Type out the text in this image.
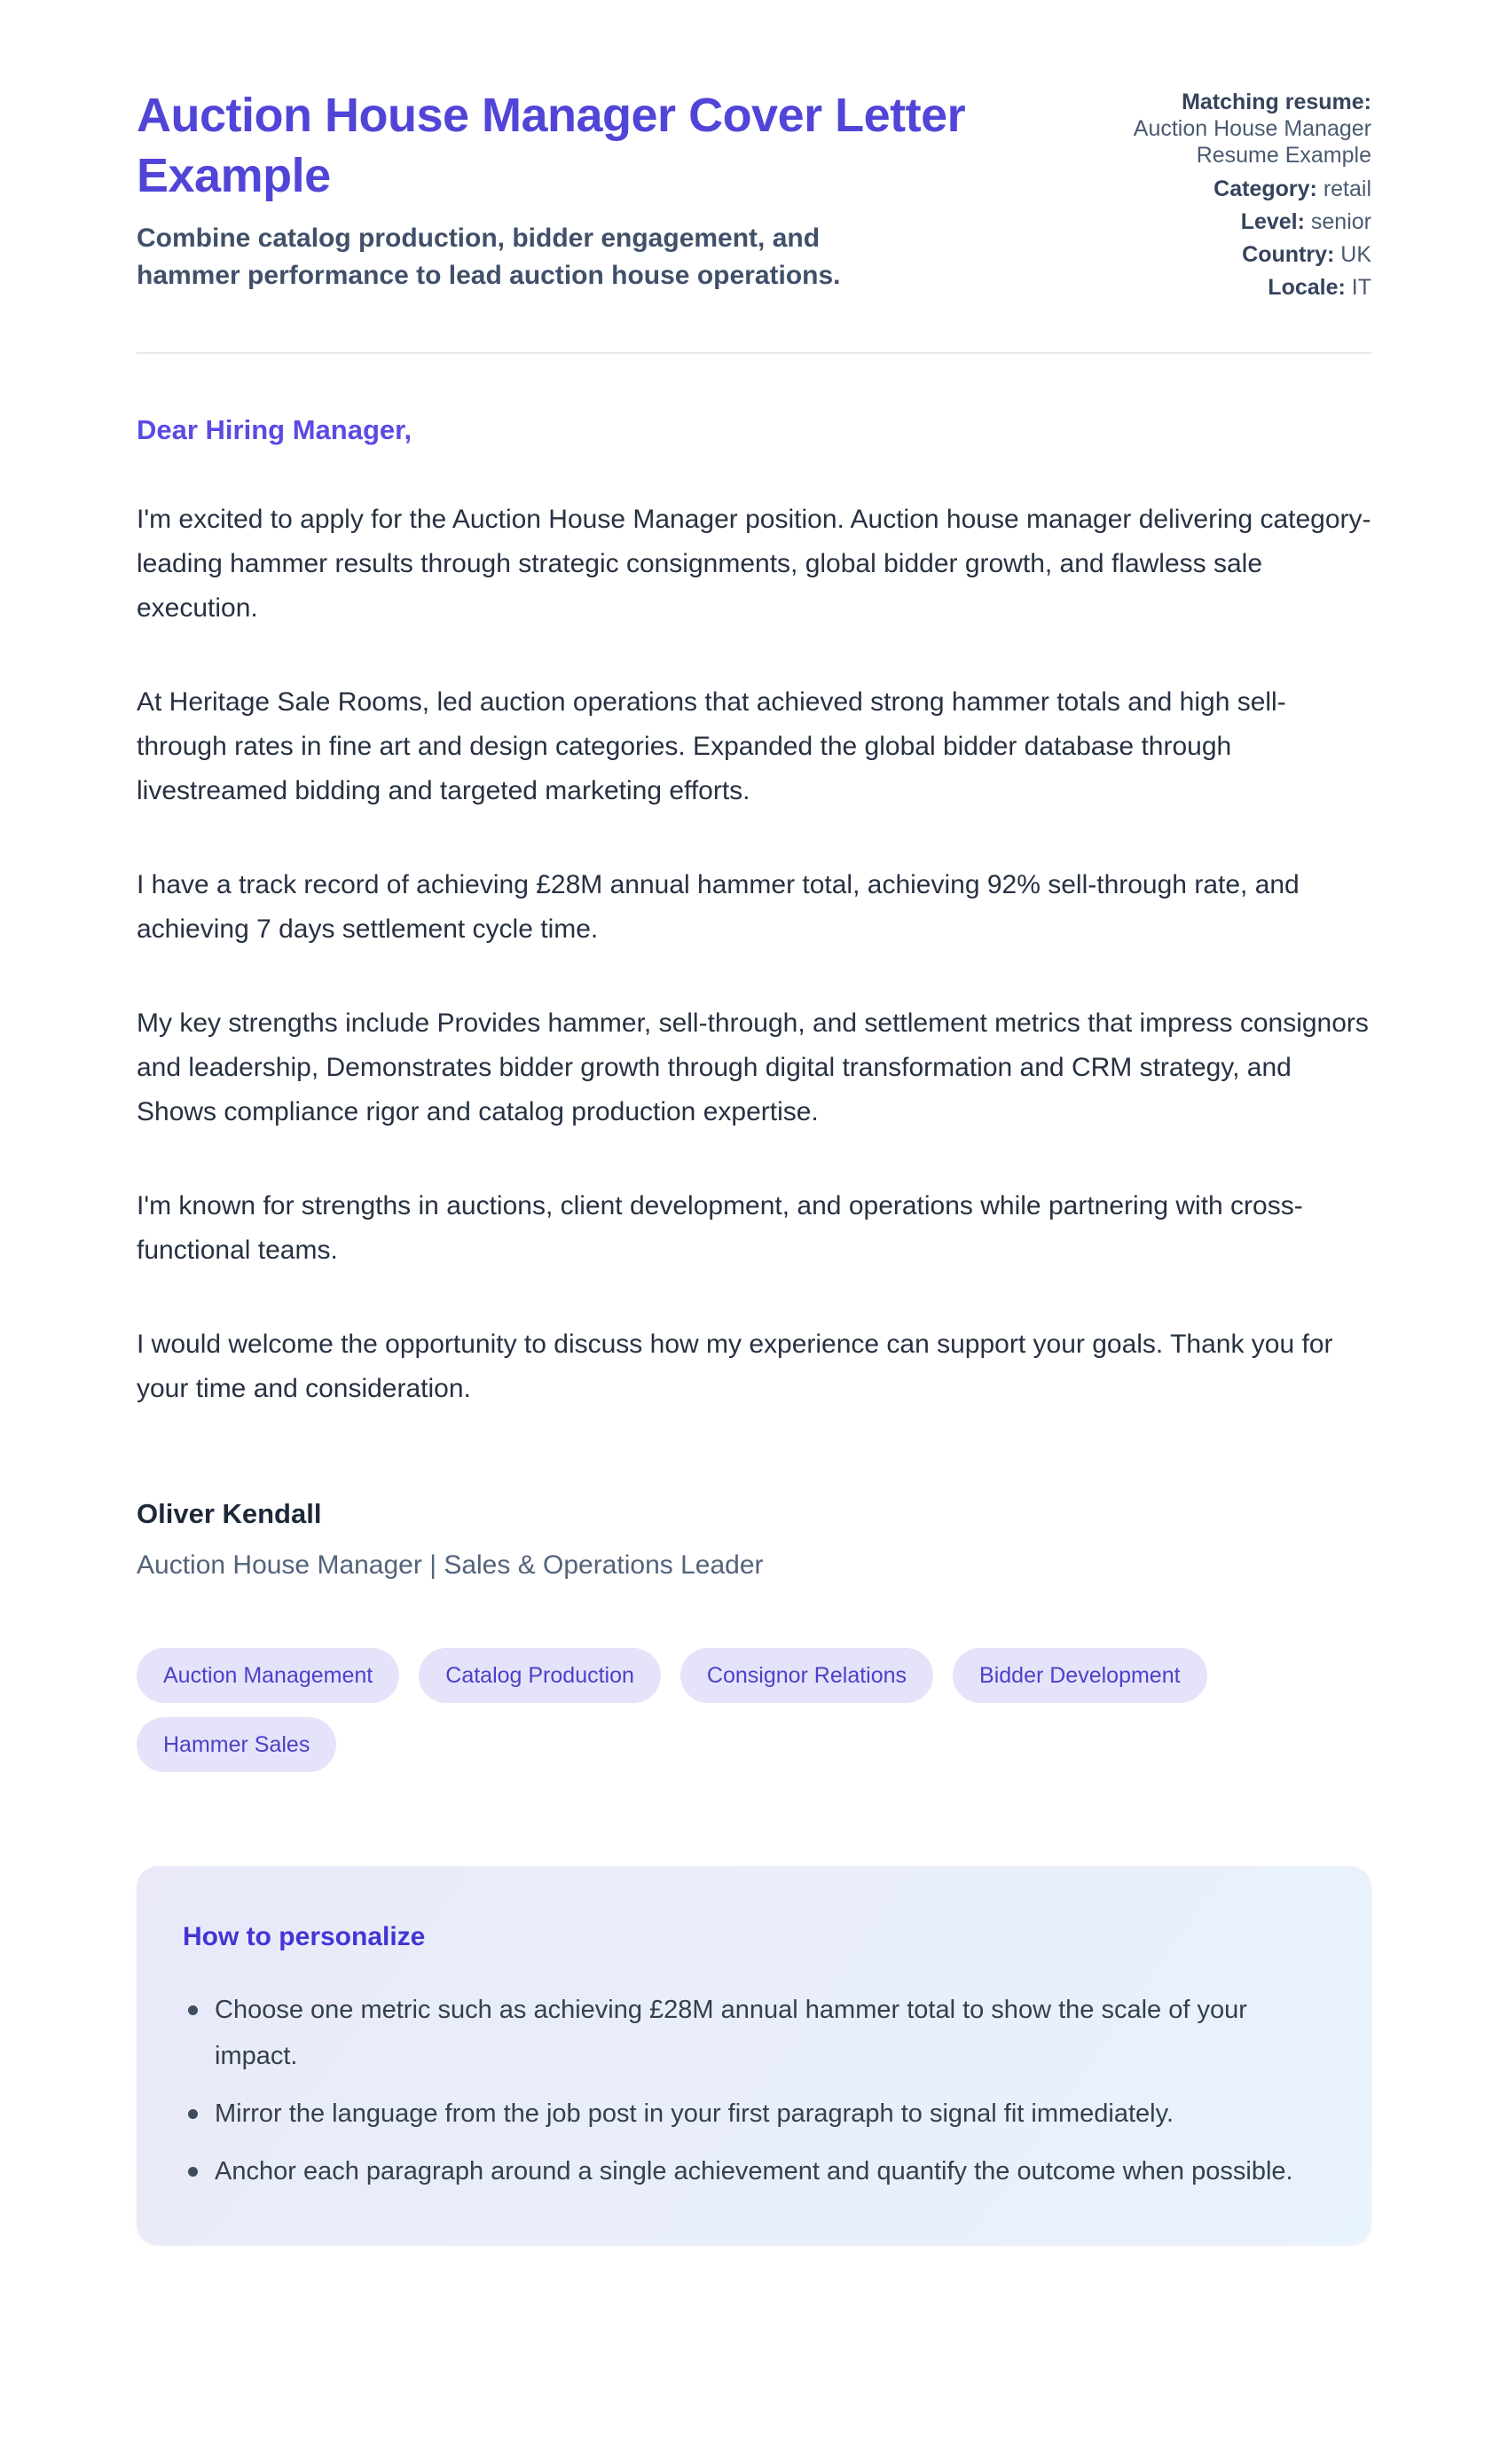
Auction House Manager Cover Letter Example

Combine catalog production, bidder engagement, and hammer performance to lead auction house operations.

Matching resume:
Auction House Manager Resume Example
Category: retail
Level: senior
Country: UK
Locale: IT
Dear Hiring Manager,

I'm excited to apply for the Auction House Manager position. Auction house manager delivering category-leading hammer results through strategic consignments, global bidder growth, and flawless sale execution.

At Heritage Sale Rooms, led auction operations that achieved strong hammer totals and high sell-through rates in fine art and design categories. Expanded the global bidder database through livestreamed bidding and targeted marketing efforts.

I have a track record of achieving £28M annual hammer total, achieving 92% sell-through rate, and achieving 7 days settlement cycle time.

My key strengths include Provides hammer, sell-through, and settlement metrics that impress consignors and leadership, Demonstrates bidder growth through digital transformation and CRM strategy, and Shows compliance rigor and catalog production expertise.

I'm known for strengths in auctions, client development, and operations while partnering with cross-functional teams.

I would welcome the opportunity to discuss how my experience can support your goals. Thank you for your time and consideration.

Oliver Kendall

Auction House Manager | Sales & Operations Leader

Auction Management	Catalog Production	Consignor Relations	Bidder Development
Hammer Sales
How to personalize
Choose one metric such as achieving £28M annual hammer total to show the scale of your impact.
Mirror the language from the job post in your first paragraph to signal fit immediately.
Anchor each paragraph around a single achievement and quantify the outcome when possible.
